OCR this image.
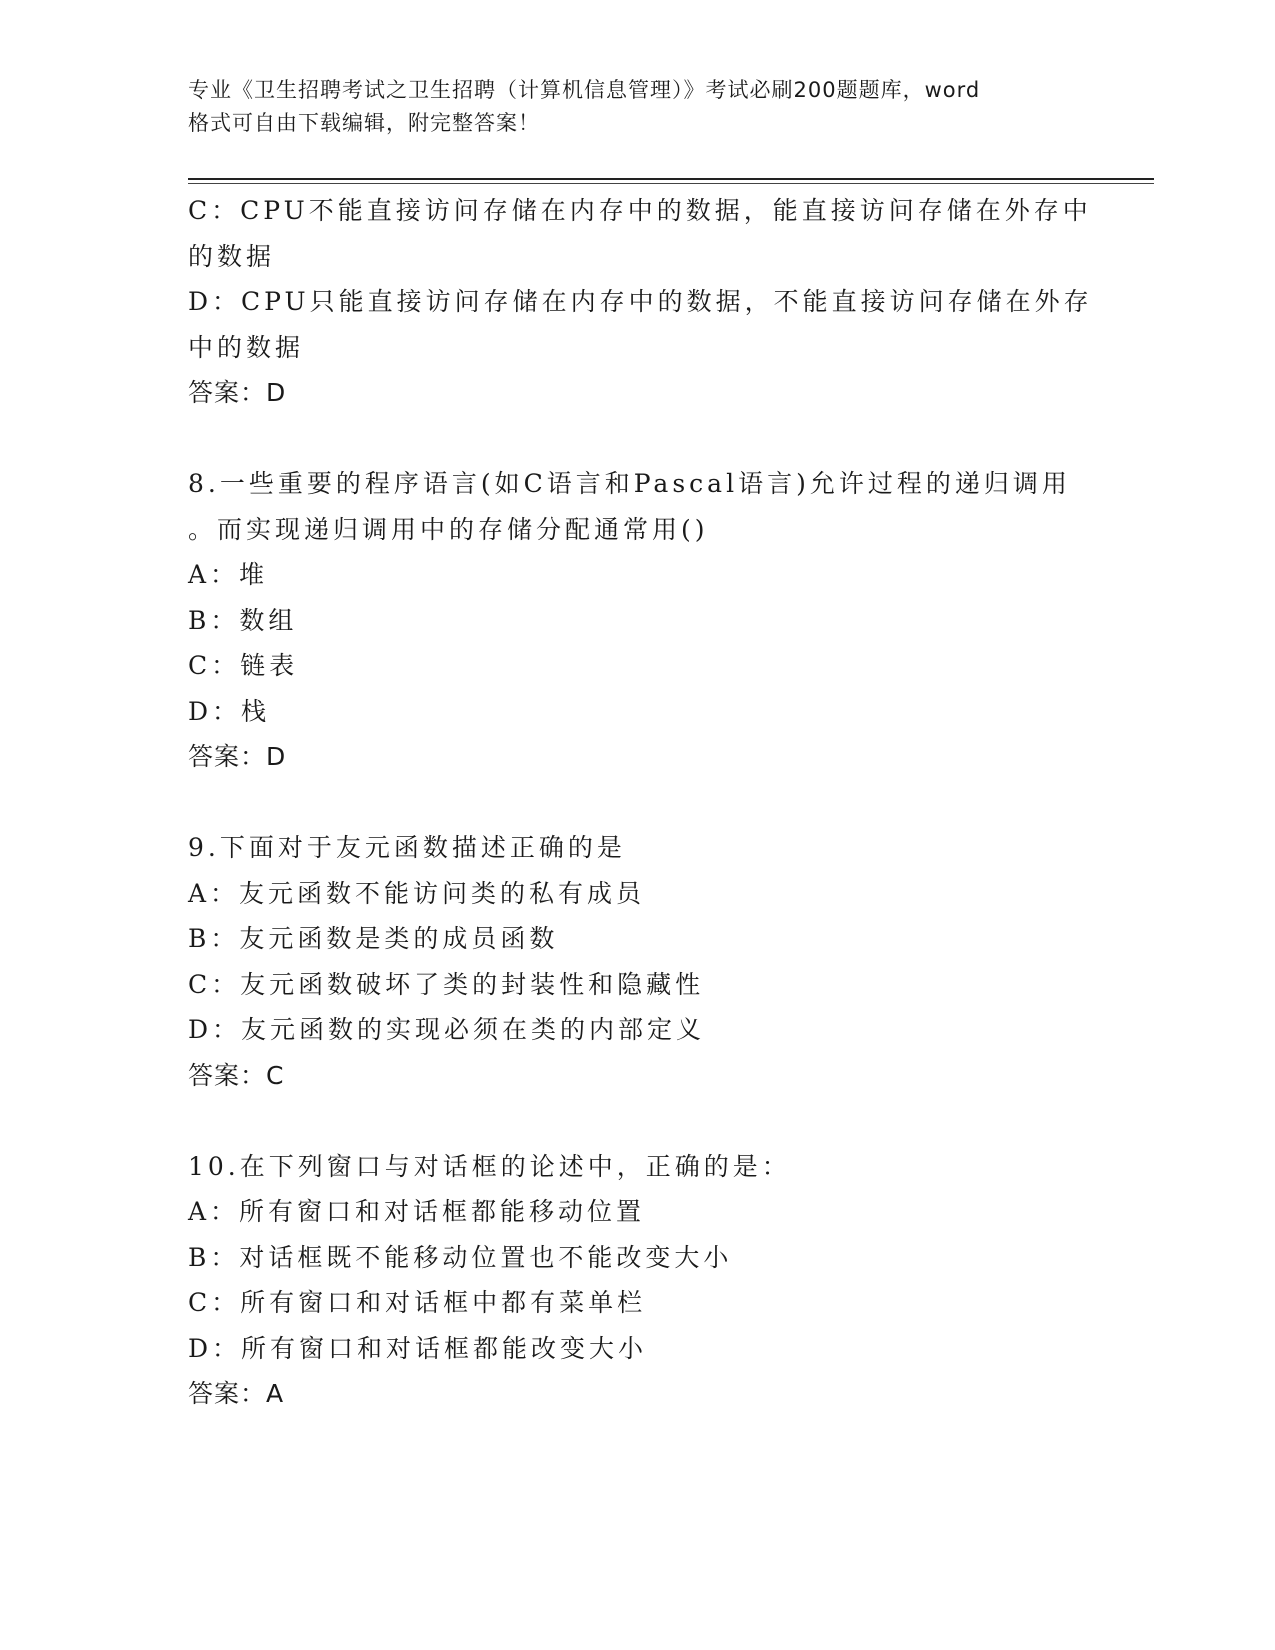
专业《卫生招聘考试之卫生招聘（计算机信息管理）》考试必刷200题题库，word
格式可自由下载编辑，附完整答案！
C：CPU不能直接访问存储在内存中的数据，能直接访问存储在外存中
的数据
D：CPU只能直接访问存储在内存中的数据，不能直接访问存储在外存
中的数据
答案：D
8.一些重要的程序语言(如C语言和Pascal语言)允许过程的递归调用
。而实现递归调用中的存储分配通常用()
A：堆
B：数组
C：链表
D：栈
答案：D
9.下面对于友元函数描述正确的是
A：友元函数不能访问类的私有成员
B：友元函数是类的成员函数
C：友元函数破坏了类的封装性和隐藏性
D：友元函数的实现必须在类的内部定义
答案：C
10.在下列窗口与对话框的论述中，正确的是：
A：所有窗口和对话框都能移动位置
B：对话框既不能移动位置也不能改变大小
C：所有窗口和对话框中都有菜单栏
D：所有窗口和对话框都能改变大小
答案：A
